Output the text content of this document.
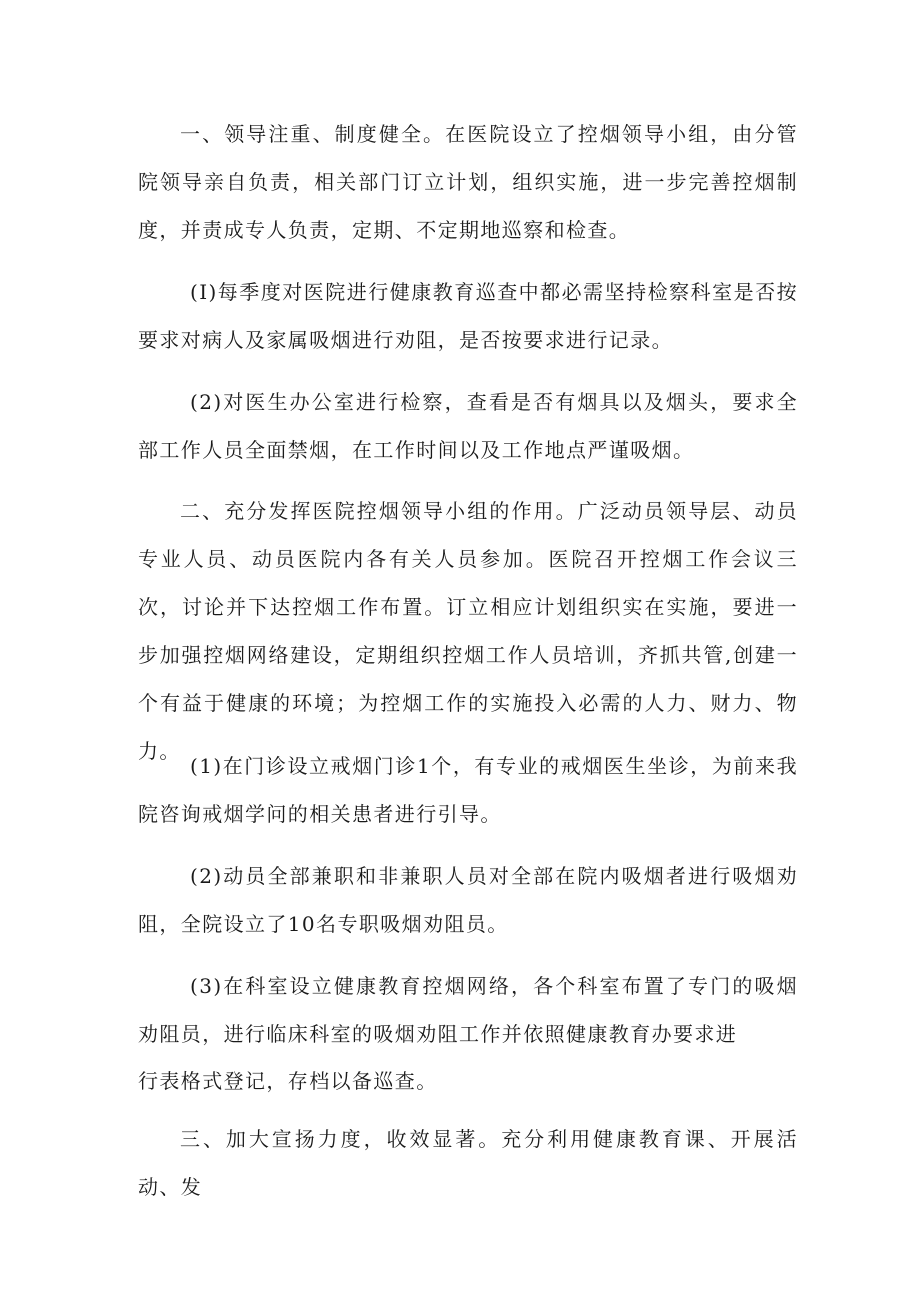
一、领导注重、制度健全。在医院设立了控烟领导小组，由分管院领导亲自负责，相关部门订立计划，组织实施，进一步完善控烟制度，并责成专人负责，定期、不定期地巡察和检查。

(I)每季度对医院进行健康教育巡查中都必需坚持检察科室是否按要求对病人及家属吸烟进行劝阻，是否按要求进行记录。

(2)对医生办公室进行检察，查看是否有烟具以及烟头，要求全部工作人员全面禁烟，在工作时间以及工作地点严谨吸烟。

二、充分发挥医院控烟领导小组的作用。广泛动员领导层、动员专业人员、动员医院内各有关人员参加。医院召开控烟工作会议三次，讨论并下达控烟工作布置。订立相应计划组织实在实施，要进一步加强控烟网络建设，定期组织控烟工作人员培训，齐抓共管,创建一个有益于健康的环境；为控烟工作的实施投入必需的人力、财力、物力。

(1)在门诊设立戒烟门诊1个，有专业的戒烟医生坐诊，为前来我院咨询戒烟学问的相关患者进行引导。

(2)动员全部兼职和非兼职人员对全部在院内吸烟者进行吸烟劝阻，全院设立了10名专职吸烟劝阻员。

(3)在科室设立健康教育控烟网络，各个科室布置了专门的吸烟劝阻员，进行临床科室的吸烟劝阻工作并依照健康教育办要求进

行表格式登记，存档以备巡查。

三、加大宣扬力度，收效显著。充分利用健康教育课、开展活动、发
